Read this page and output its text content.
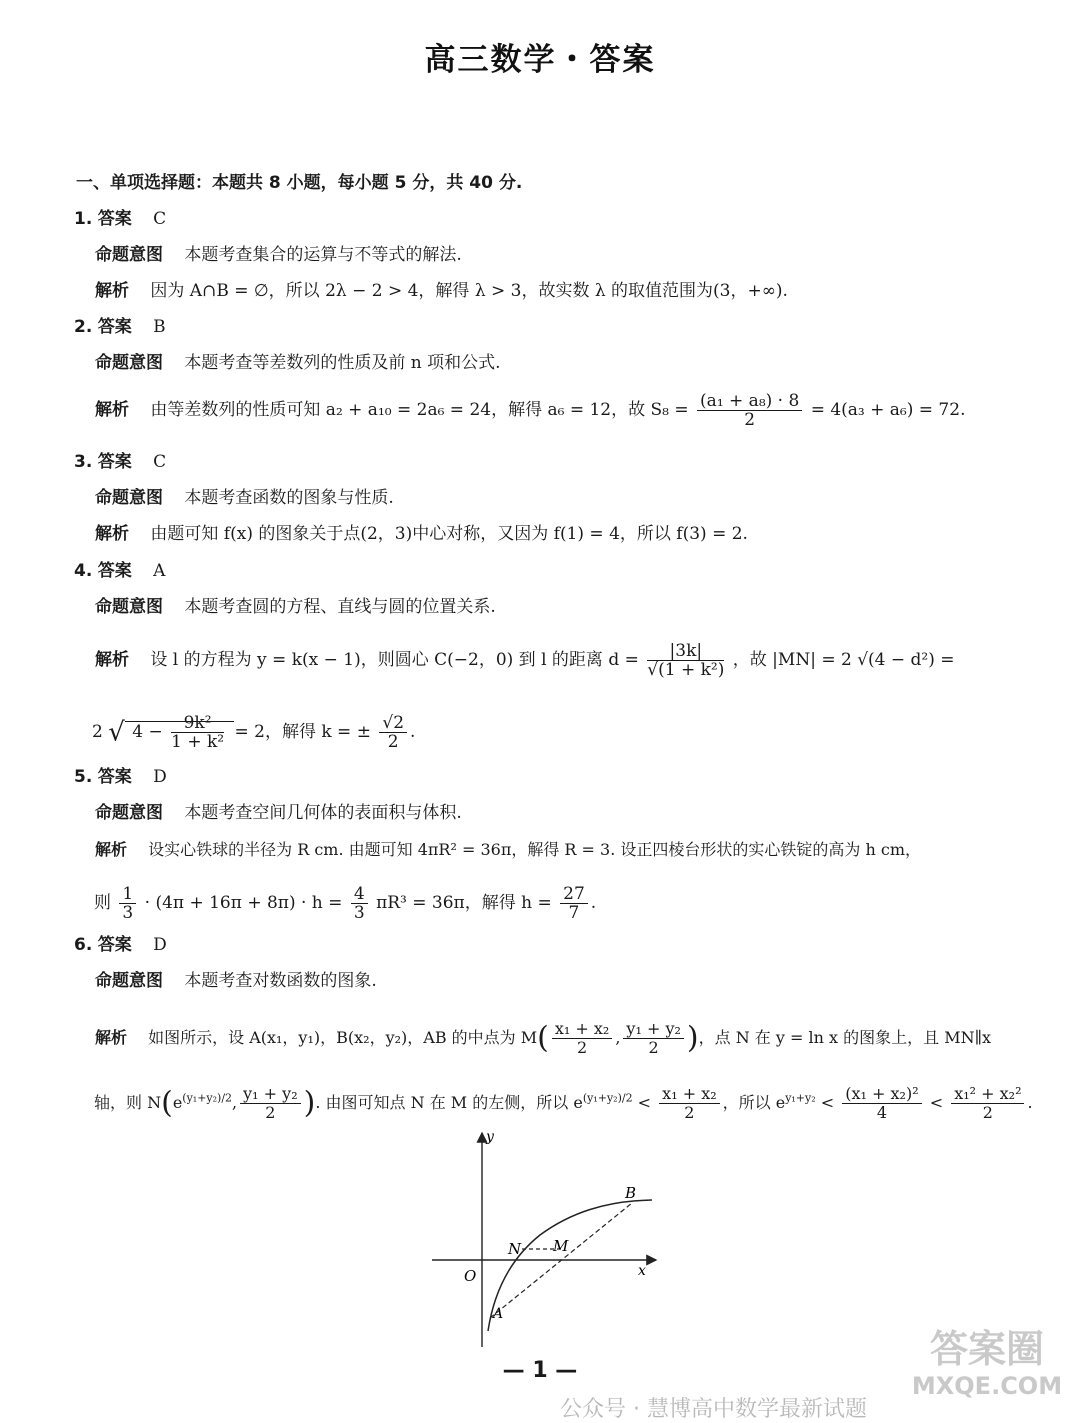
高三数学・答案
一、单项选择题：本题共 8 小题，每小题 5 分，共 40 分.
1. 答案 C
命题意图 本题考查集合的运算与不等式的解法.
解析 因为 A∩B = ∅，所以 2λ − 2 > 4，解得 λ > 3，故实数 λ 的取值范围为(3，+∞).
2. 答案 B
命题意图 本题考查等差数列的性质及前 n 项和公式.
解析 由等差数列的性质可知 a₂ + a₁₀ = 2a₆ = 24，解得 a₆ = 12，故 $S_8 = \frac{\text{(a₁ + a₈) · 8}}{2} = 4(a_3 + a_6) = 72$.
3. 答案 C
命题意图 本题考查函数的图象与性质.
解析 由题可知 f(x) 的图象关于点(2，3)中心对称，又因为 f(1) = 4，所以 f(3) = 2.
4. 答案 A
命题意图 本题考查圆的方程、直线与圆的位置关系.
解析 设 l 的方程为 y = k(x − 1)，则圆心 C(−2，0) 到 l 的距离 $d = \frac{|3k|}{\text{√(1 + k²)}}$ ，故 |MN| = 2 √(4 − d²) =
2 √ $4 - \frac{\text{9k²}}{\text{1 + k²}} = 2$，解得 k = ± $\frac{√2}{2}$ .
5. 答案 D
命题意图 本题考查空间几何体的表面积与体积.
解析 设实心铁球的半径为 R cm. 由题可知 4πR² = 36π，解得 R = 3. 设正四棱台形状的实心铁锭的高为 h cm，
则 $\frac{1}{3} \cdot (4\pi + 16\pi + 8\pi) \cdot h = \frac{4}{3} \pi R^3 = 36\pi$，解得 $h = \frac{27}{7}$ .
6. 答案 D
命题意图 本题考查对数函数的图象.
解析 如图所示，设 A(x₁，y₁)，B(x₂，y₂)，AB 的中点为 $M( \frac{\text{x₁ + x₂}}{2}$ , $\frac{\text{y₁ + y₂}}{2}$ )，点 N 在 y = ln x 的图象上，且 MN∥x
轴，则 $N(e^{(y_1+y_2)/2}$, $\frac{\text{y₁ + y₂}}{2}$ ). 由图可知点 N 在 M 的左侧，所以 $e^{(y_1+y_2)/2} < \frac{\text{x₁ + x₂}}{2}$ ，所以 $e^{y_1+y_2} < \frac{\text{(x₁ + x₂)²}}{4} < \frac{\text{x₁² + x₂²}}{2}$ .
y
x
O
A
B
N M
— 1 —
公众号 · 慧博高中数学最新试题
答案圈
MXQE.COM
